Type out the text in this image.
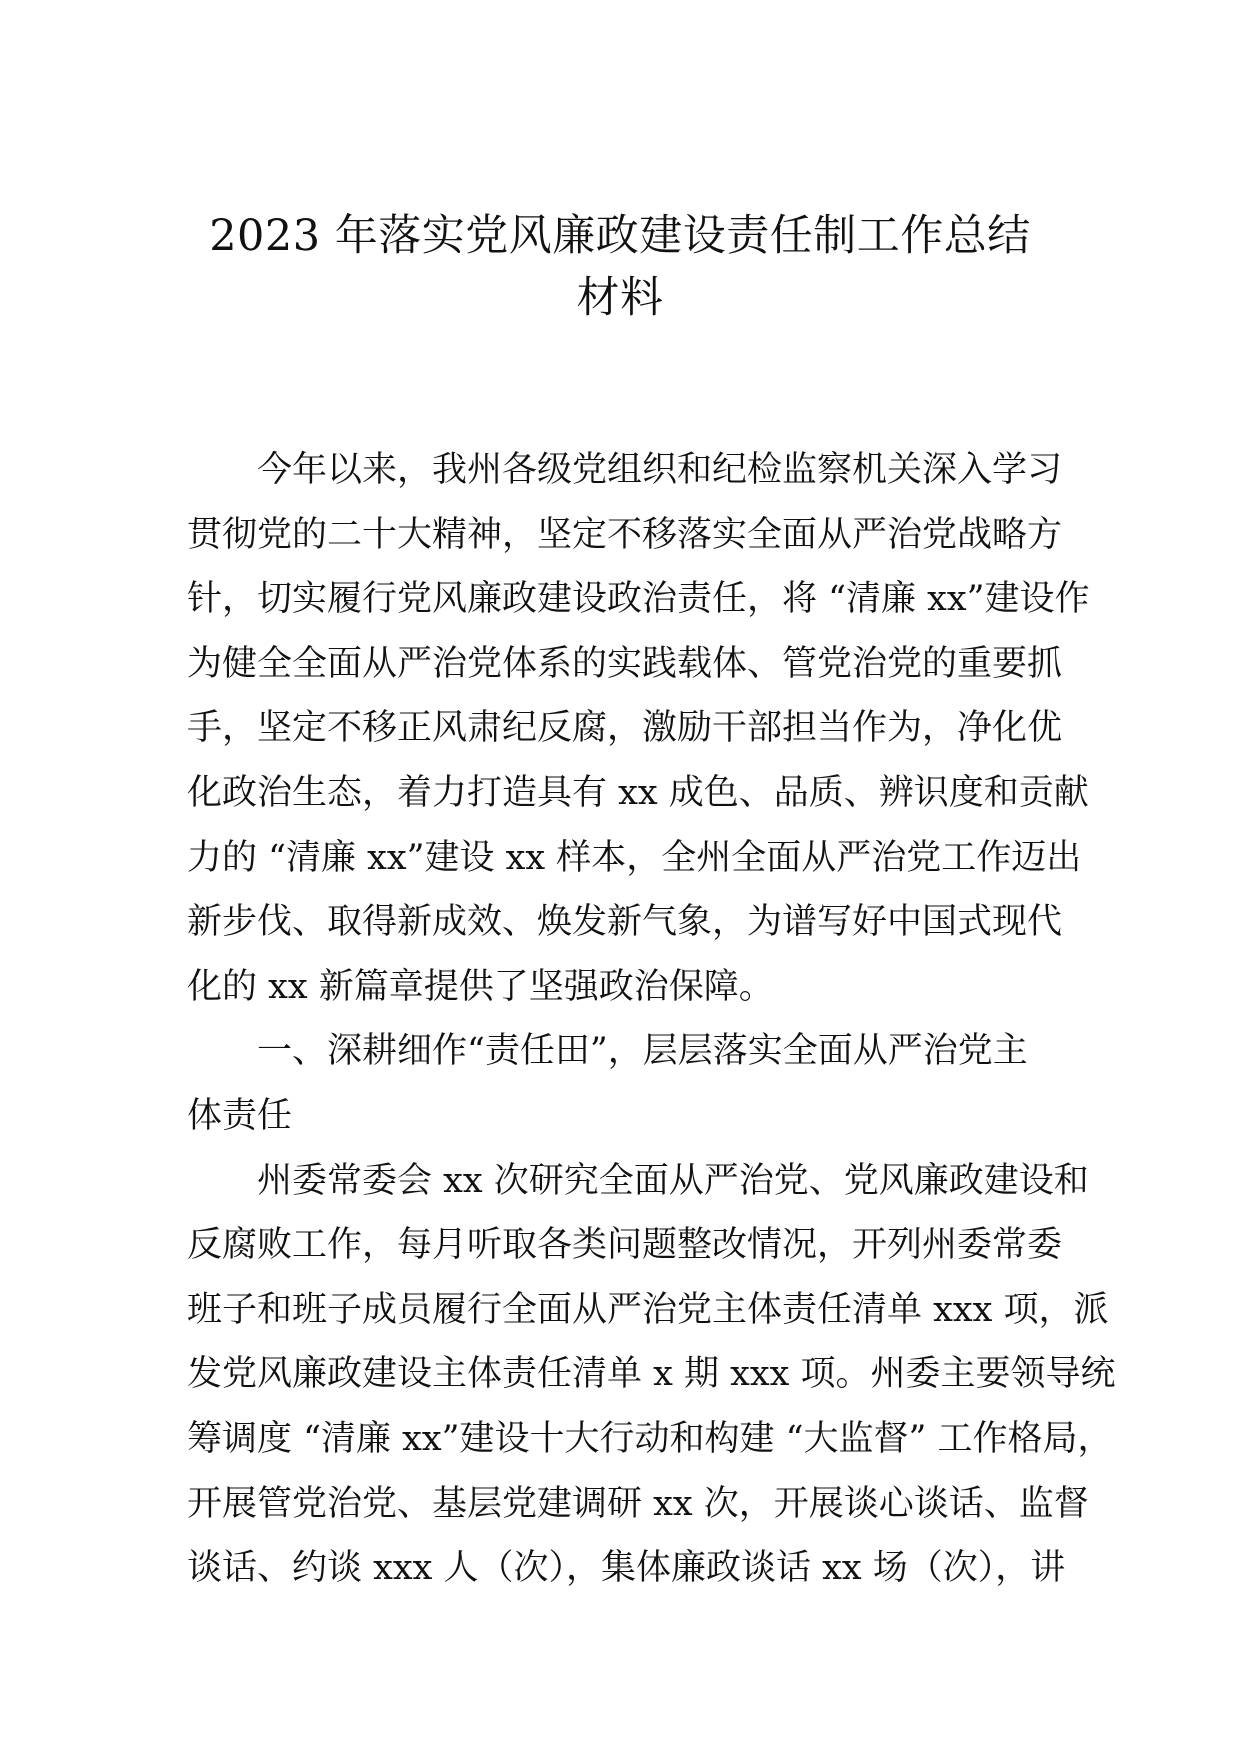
2023 年落实党风廉政建设责任制工作总结
材料
今年以来，我州各级党组织和纪检监察机关深入学习
贯彻党的二十大精神，坚定不移落实全面从严治党战略方
针，切实履行党风廉政建设政治责任，将 “清廉 xx”建设作
为健全全面从严治党体系的实践载体、管党治党的重要抓
手，坚定不移正风肃纪反腐，激励干部担当作为，净化优
化政治生态，着力打造具有 xx 成色、品质、辨识度和贡献
力的 “清廉 xx”建设 xx 样本，全州全面从严治党工作迈出
新步伐、取得新成效、焕发新气象，为谱写好中国式现代
化的 xx 新篇章提供了坚强政治保障。
一、深耕细作“责任田”，层层落实全面从严治党主
体责任
州委常委会 xx 次研究全面从严治党、党风廉政建设和
反腐败工作，每月听取各类问题整改情况，开列州委常委
班子和班子成员履行全面从严治党主体责任清单 xxx 项，派
发党风廉政建设主体责任清单 x 期 xxx 项。州委主要领导统
筹调度 “清廉 xx”建设十大行动和构建 “大监督” 工作格局，
开展管党治党、基层党建调研 xx 次，开展谈心谈话、监督
谈话、约谈 xxx 人（次），集体廉政谈话 xx 场（次），讲
